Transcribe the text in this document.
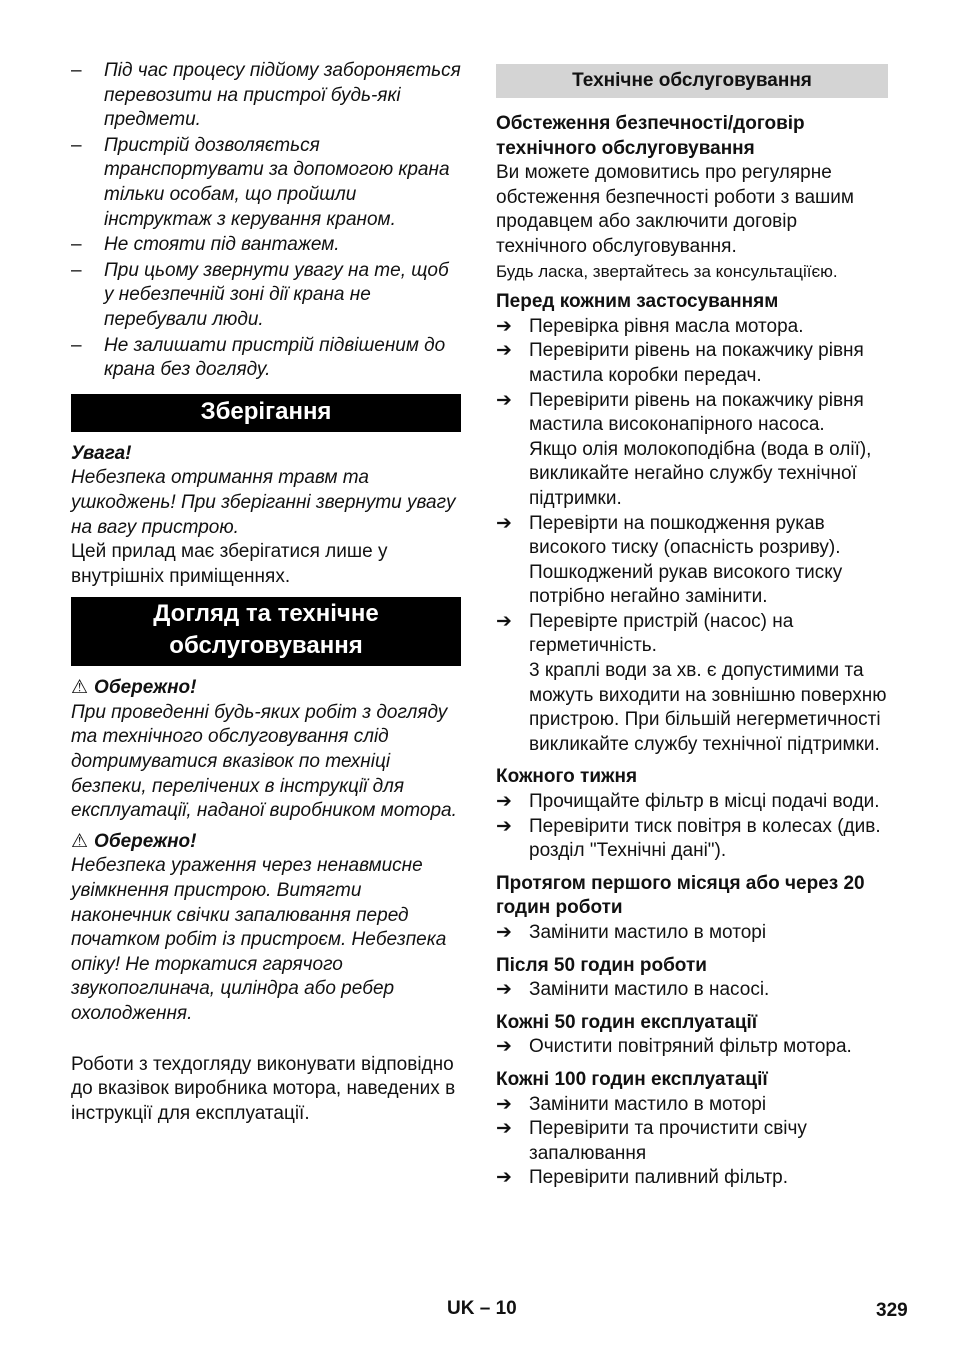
– Під час процесу підйому забороняється перевозити на пристрої будь-які предмети.
– Пристрій дозволяється транспортувати за допомогою крана тільки особам, що пройшли інструктаж з керування краном.
– Не стояти під вантажем.
– При цьому звернути увагу на те, щоб у небезпечній зоні дії крана не перебували люди.
– Не залишати пристрій підвішеним до крана без догляду.
Зберігання
Увага!
Небезпека отримання травм та ушкоджень! При зберіганні звернути увагу на вагу пристрою.
Цей прилад має зберігатися лише у внутрішніх приміщеннях.
Догляд та технічне
обслуговування
⚠ Обережно!
При проведенні будь-яких робіт з догляду та технічного обслуговування слід дотримуватися вказівок по техніці безпеки, перелічених в інструкції для експлуатації, наданої виробником мотора.
⚠ Обережно!
Небезпека ураження через ненавмисне увімкнення пристрою. Витягти наконечник свічки запалювання перед початком робіт із пристроєм. Небезпека опіку! Не торкатися гарячого звукопоглинача, циліндра або ребер охолодження.
Роботи з техдогляду виконувати відповідно до вказівок виробника мотора, наведених в інструкції для експлуатації.
Технічне обслуговування
Обстеження безпечності/договір технічного обслуговування
Ви можете домовитись про регулярне обстеження безпечності роботи з вашим продавцем або заключити договір технічного обслуговування.
Будь ласка, звертайтесь за консультаціїєю.
Перед кожним застосуванням
➔ Перевірка рівня масла мотора.
➔ Перевірити рівень на покажчику рівня мастила коробки передач.
➔ Перевірити рівень на покажчику рівня мастила високонапірного насоса.
Якщо олія молокоподібна (вода в олії), викликайте негайно службу технічної підтримки.
➔ Перевірти на пошкодження рукав високого тиску (опасність розриву).
Пошкоджений рукав високого тиску потрібно негайно замінити.
➔ Перевірте пристрій (насос) на герметичність.
3 краплі води за хв. є допустимими та можуть виходити на зовнішню поверхню пристрою. При більшій негерметичності викликайте службу технічної підтримки.
Кожного тижня
➔ Прочищайте фільтр в місці подачі води.
➔ Перевірити тиск повітря в колесах (див. розділ "Технічні дані").
Протягом першого місяця або через 20 годин роботи
➔ Замінити мастило в моторі
Після 50 годин роботи
➔ Замінити мастило в насосі.
Кожні 50 годин експлуатації
➔ Очистити повітряний фільтр мотора.
Кожні 100 годин експлуатації
➔ Замінити мастило в моторі
➔ Перевірити та прочистити свічу запалювання
➔ Перевірити паливний фільтр.
UK – 10	329
